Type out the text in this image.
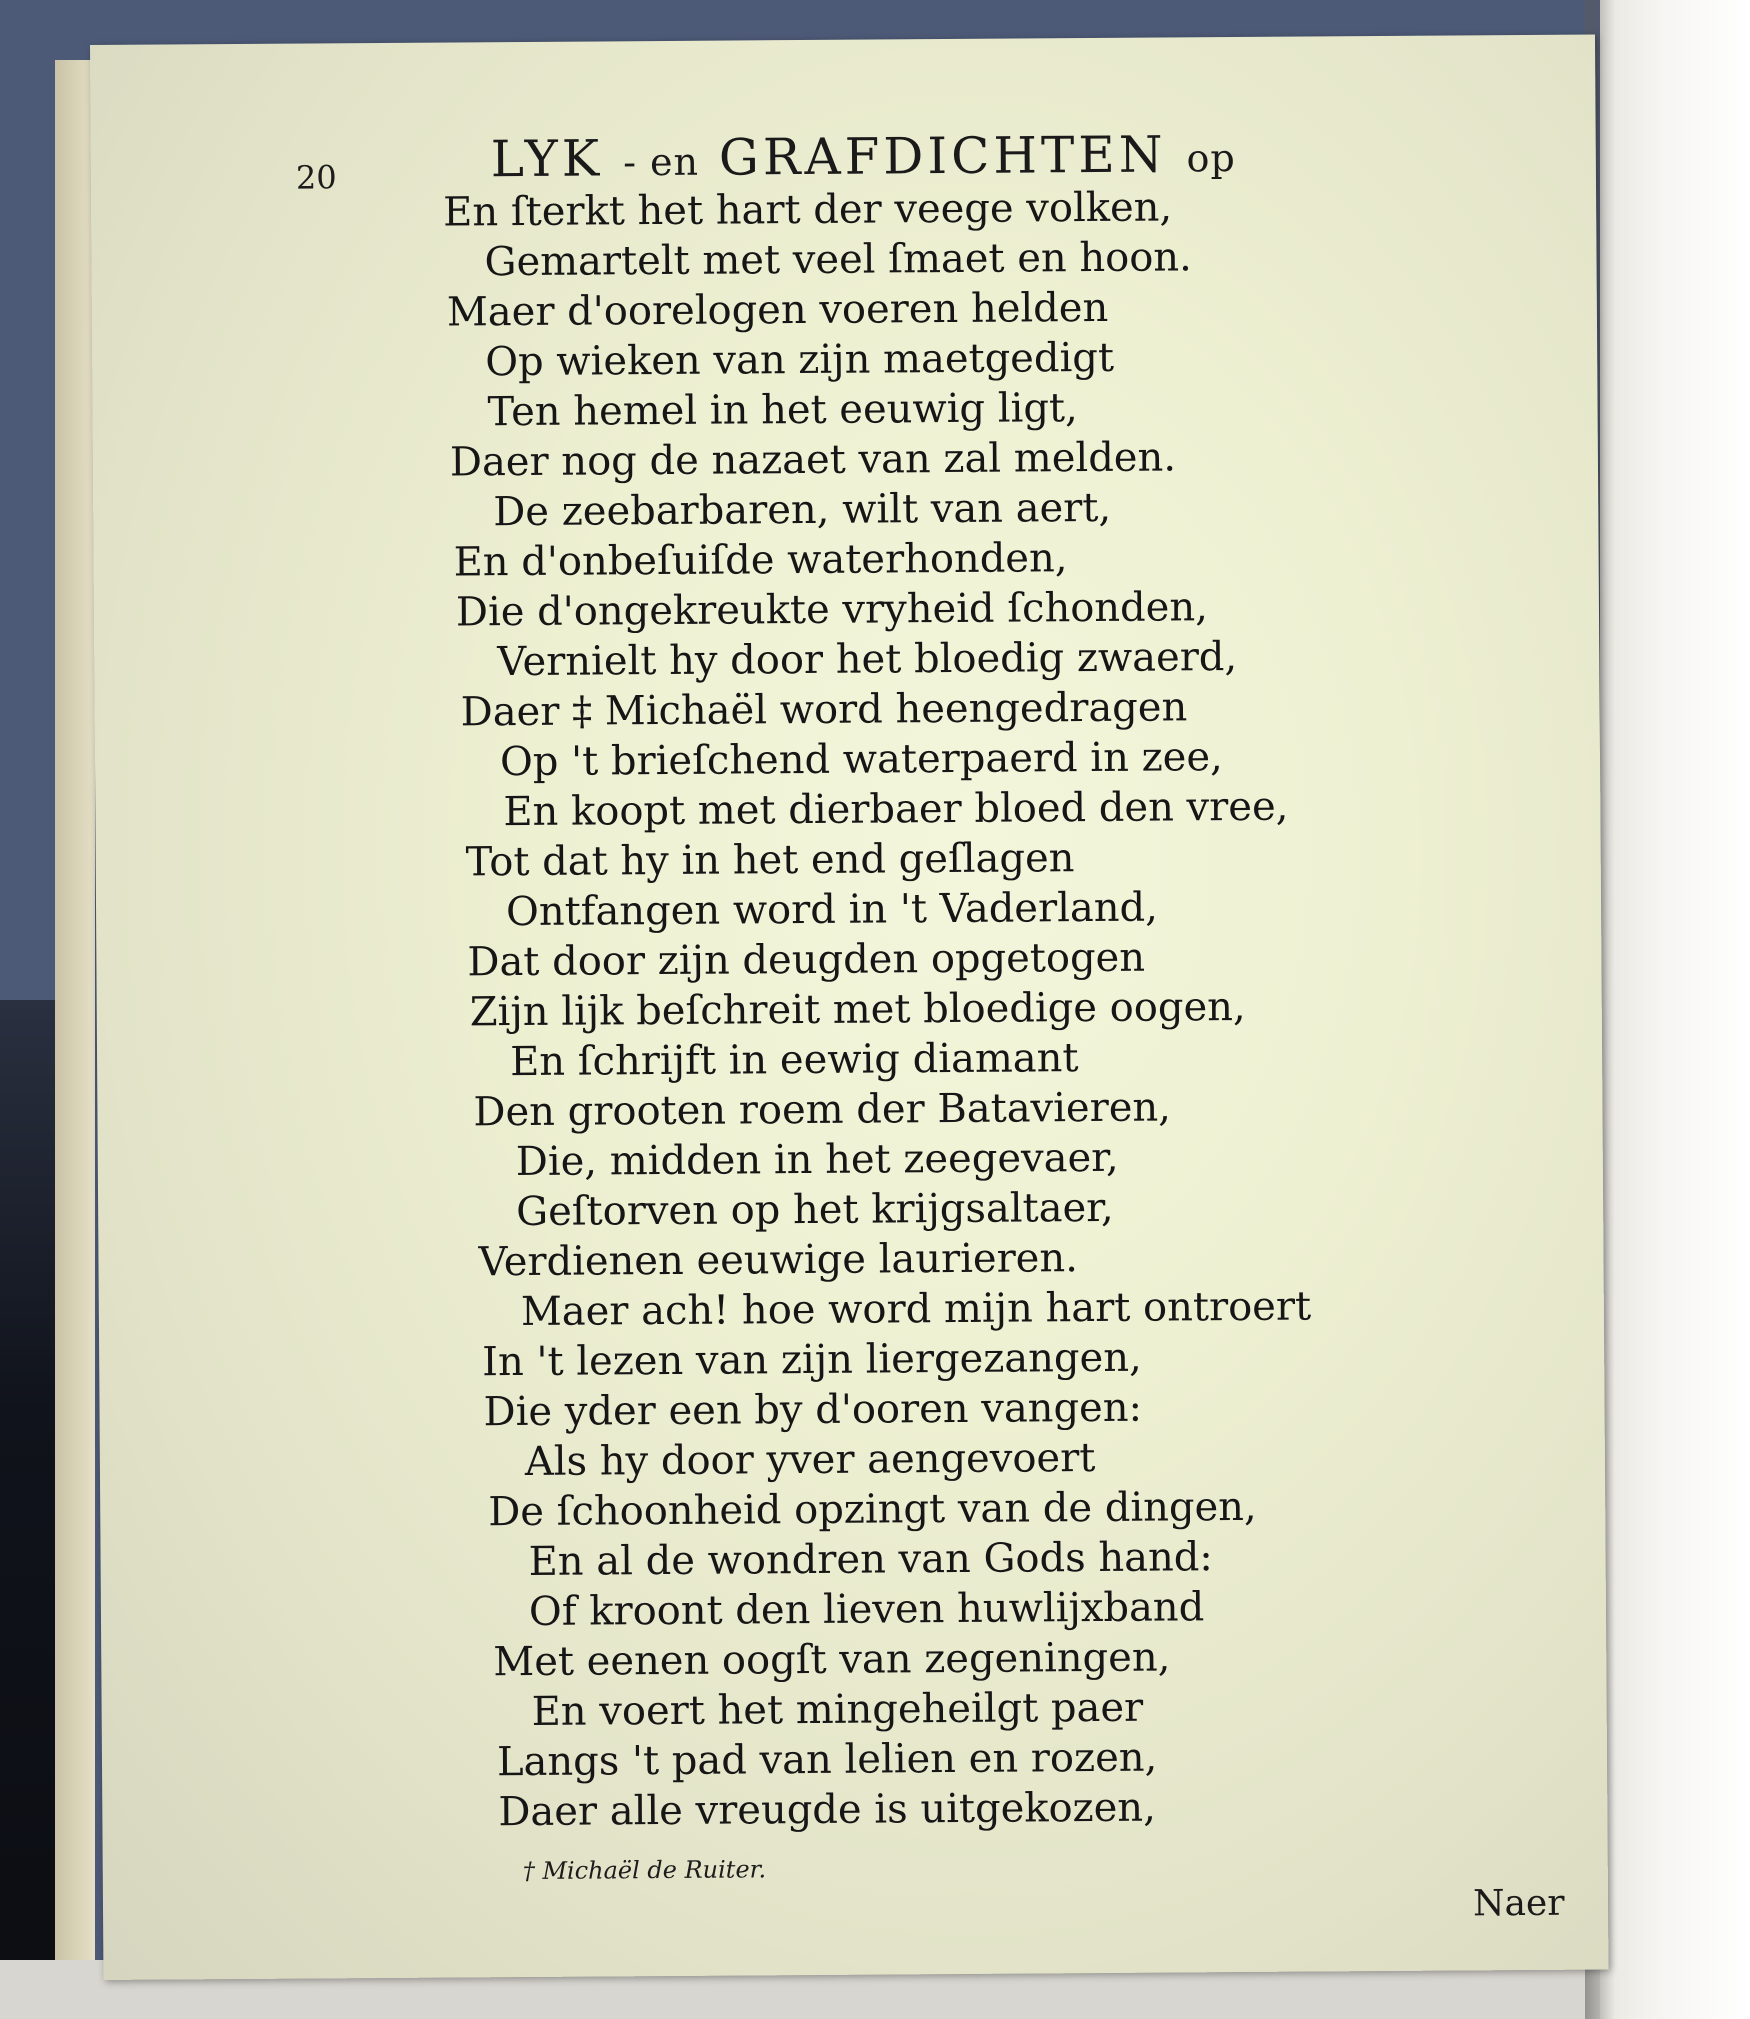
20	LYK - en GRAFDICHTEN op
En ſterkt het hart der veege volken,
Gemartelt met veel ſmaet en hoon.
Maer d'oorelogen voeren helden
Op wieken van zijn maetgedigt
Ten hemel in het eeuwig ligt,
Daer nog de nazaet van zal melden.
De zeebarbaren, wilt van aert,
En d'onbeſuiſde waterhonden,
Die d'ongekreukte vryheid ſchonden,
Vernielt hy door het bloedig zwaerd,
Daer ‡ Michaël word heengedragen
Op 't brieſchend waterpaerd in zee,
En koopt met dierbaer bloed den vree,
Tot dat hy in het end geſlagen
Ontfangen word in 't Vaderland,
Dat door zijn deugden opgetogen
Zijn lijk beſchreit met bloedige oogen,
En ſchrijft in eewig diamant
Den grooten roem der Batavieren,
Die, midden in het zeegevaer,
Geſtorven op het krijgsaltaer,
Verdienen eeuwige laurieren.
Maer ach! hoe word mijn hart ontroert
In 't lezen van zijn liergezangen,
Die yder een by d'ooren vangen:
Als hy door yver aengevoert
De ſchoonheid opzingt van de dingen,
En al de wondren van Gods hand:
Of kroont den lieven huwlijxband
Met eenen oogſt van zegeningen,
En voert het mingeheilgt paer
Langs 't pad van lelien en rozen,
Daer alle vreugde is uitgekozen,
† Michaël de Ruiter.
Naer
